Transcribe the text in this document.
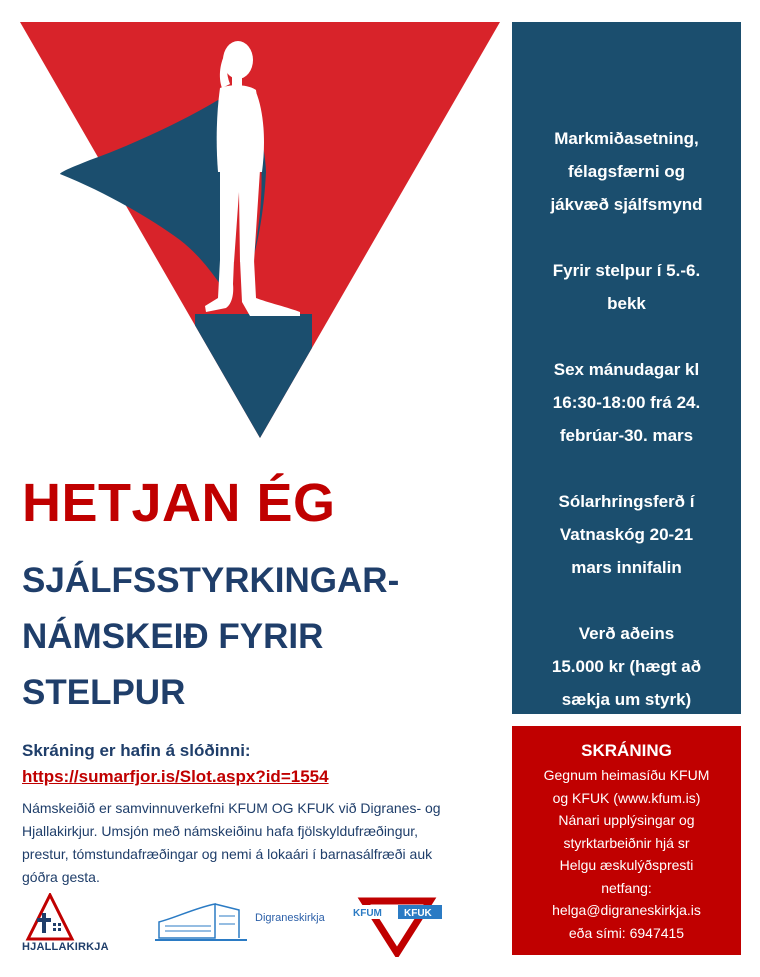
HETJAN ÉG
SJÁLFSSTYRKINGAR-
NÁMSKEIÐ FYRIR
STELPUR
Skráning er hafin á slóðinni:
https://sumarfjor.is/Slot.aspx?id=1554
Námskeiðið er samvinnuverkefni KFUM OG KFUK við Digranes- og
Hjallakirkjur. Umsjón með námskeiðinu hafa fjölskyldufræðingur,
prestur, tómstundafræðingar og nemi á lokaári í barnasálfræði auk
góðra gesta.
Markmiðasetning,
félagsfærni og
jákvæð sjálfsmynd
Fyrir stelpur í 5.-6.
bekk
Sex mánudagar kl
16:30-18:00 frá 24.
febrúar-30. mars
Sólarhringsferð í
Vatnaskóg 20-21
mars innifalin
Verð aðeins
15.000 kr (hægt að
sækja um styrk)
SKRÁNING
Gegnum heimasíðu KFUM
og KFUK (www.kfum.is)
Nánari upplýsingar og
styrktarbeiðnir hjá sr
Helgu æskulýðspresti
netfang:
helga@digraneskirkja.is
eða sími: 6947415
HJALLAKIRKJA
Digraneskirkja	KFUM KFUK
